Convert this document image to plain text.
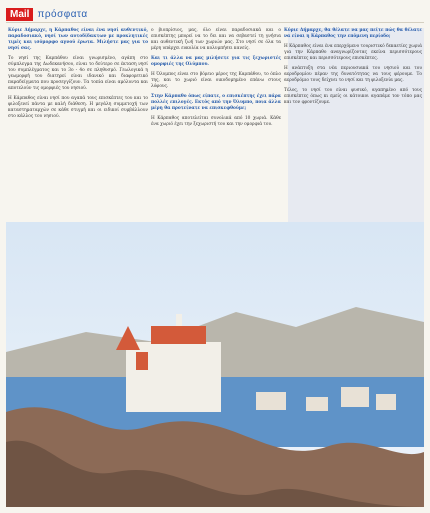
Mail πρόσφατα

Κύριε Δήμαρχε, η Κάρπαθος είναι ένα νησί αυθεντικό, παραδοσιακό, νησί των αυτοδίδακτων με προκλητικές τιμές και ισόμορφο αγνού έρωτα. Μιλήστε μας για το νησί σας.

Το νησί της Καρπάθου είναι γνωρισμένο, αγάπη στο σύμπλεγμα της Δωδεκανήσου, είναι το δεύτερο σε έκταση νησί του συμπλέγματος και το 3ο - 4ο σε πληθυσμό. Γεωλογικά η γεωμορφή του διατηρεί είναι ιδανικό και διαφορετικό παραδείγματα που προσεγγίζουν. Τα τοπία είναι αμόλυντα και αποτελούν τις ομορφιές του νησιού.

Η Κάρπαθος είναι νησί που αγαπά τους επισκέπτες του και το φιλοξενεί πάντα με καλή διάθεση. Η μεγάλη συμμετοχή των καταστηματαρχών σε κάθε στιγμή και οι ειδικοί συμβάλλουν στο κάλλος του νησιού.

ο βιοπρίσιος, μας, όλο είναι παραδοσιακά και ο επισκέπτης μπορεί να το δει και να σεβαστεί τη γνήσια και αυθεντική ζωή των χωριών μας. Στο νησί σε όλα τα μέρη υπάρχει ευκολία να κολυμπήσει κανείς.

Και τι άλλα να μας μιλήσετε για τις ξεχωριστές ομορφιές της Ολύμπου.

Η Όλυμπος είναι στο βόρειο μέρος της Καρπάθου, το όπλο της, και το χωριό είναι οικοδομημένο επάνω στους λόφους.

Στην Κάρπαθο όπως είπατε, ο επισκέπτης έχει πάρα πολλές επιλογές. Εκτός από την Όλυμπο, ποια άλλα μέρη θα προτείνατε να επισκεφθούμε;

Η Κάρπαθος αποτελείται συνολικά από 10 χωριά. Κάθε ένα χωριό έχει την ξεχωριστή του και την ομορφιά του.

Κύριε Δήμαρχε, θα θέλατε να μας πείτε πώς θα θέλατε να είναι η Κάρπαθος την επόμενη περίοδο;

Η Κάρπαθος είναι ένα επερχόμενο τουριστικό δεκαετίες χωριά για την Κάρπαθο αναγνωρίζοντας εκείνα περισσότερους επισκέπτες και περισσότερους επισκέπτες.

Η ανάπτυξη στα νέα περιουσιακά του νησιού και του αεροδρομίου πέραν της δυνατότητας να τους φέρουμε. Το αεροδρόμιο τους δείχνει το νησί και τη φιλοξενία μας.

Τέλος, το νησί του είναι φυσικό, αγαπημένο από τους επισκέπτες όπως κι εμείς οι κάτοικοι αγαπάμε τον τόπο μας και τον φροντίζουμε.
